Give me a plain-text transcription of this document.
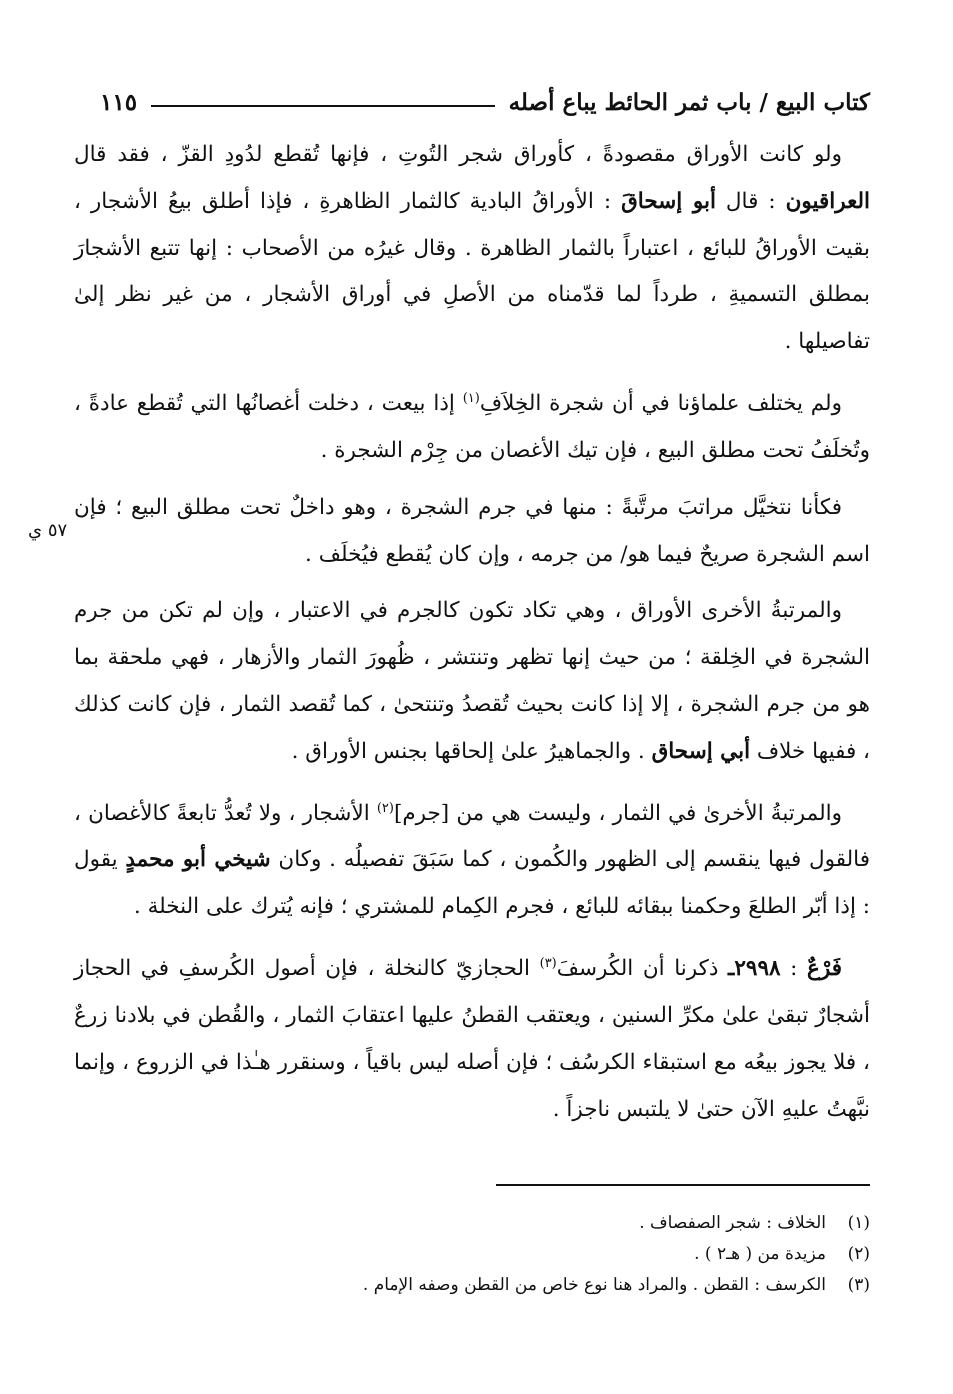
كتاب البيع / باب ثمر الحائط يباع أصله
١١٥

ولو كانت الأوراق مقصودةً ، كأوراق شجر التُوتِ ، فإنها تُقطع لدُودِ القزّ ، فقد قال العراقيون : قال أبو إسحاقَ : الأوراقُ البادية كالثمار الظاهرةِ ، فإذا أطلق بيعُ الأشجار ، بقيت الأوراقُ للبائع ، اعتباراً بالثمار الظاهرة . وقال غيرُه من الأصحاب : إنها تتبع الأشجارَ بمطلق التسميةِ ، طرداً لما قدّمناه من الأصلِ في أوراق الأشجار ، من غير نظر إلىٰ تفاصيلها .

ولم يختلف علماؤنا في أن شجرة الخِلاَفِ$^{(١)}$ إذا بيعت ، دخلت أغصانُها التي تُقطع عادةً ، وتُخلَفُ تحت مطلق البيع ، فإن تيك الأغصان من جِرْم الشجرة .

فكأنا نتخيَّل مراتبَ مرتَّبةً : منها في جرم الشجرة ، وهو داخلٌ تحت مطلق البيع ؛ فإن اسم الشجرة صريحٌ فيما هو/ من جرمه ، وإن كان يُقطع فيُخلَف .

والمرتبةُ الأخرى الأوراق ، وهي تكاد تكون كالجرم في الاعتبار ، وإن لم تكن من جرم الشجرة في الخِلقة ؛ من حيث إنها تظهر وتنتشر ، ظُهورَ الثمار والأزهار ، فهي ملحقة بما هو من جرم الشجرة ، إلا إذا كانت بحيث تُقصدُ وتنتحىٰ ، كما تُقصد الثمار ، فإن كانت كذلك ، ففيها خلاف أبي إسحاق . والجماهيرُ علىٰ إلحاقها بجنس الأوراق .

والمرتبةُ الأخرىٰ في الثمار ، وليست هي من [جرم]$^{(٢)}$ الأشجار ، ولا تُعدُّ تابعةً كالأغصان ، فالقول فيها ينقسم إلى الظهور والكُمون ، كما سَبَقَ تفصيلُه . وكان شيخي أبو محمدٍ يقول : إذا أبّر الطلعَ وحكمنا ببقائه للبائع ، فجرم الكِمام للمشتري ؛ فإنه يُترك على النخلة .

فَرْعٌ : ٢٩٩٨ـ ذكرنا أن الكُرسفَ$^{(٣)}$ الحجازيّ كالنخلة ، فإن أصول الكُرسفِ في الحجاز أشجارٌ تبقىٰ علىٰ مكرِّ السنين ، ويعتقب القطنُ عليها اعتقابَ الثمار ، والقُطن في بلادنا زرعٌ ، فلا يجوز بيعُه مع استبقاء الكرسُف ؛ فإن أصله ليس باقياً ، وسنقرر هـٰذا في الزروع ، وإنما نبَّهتُ عليهِ الآن حتىٰ لا يلتبس ناجزاً .

٥٧ ي
(١)
الخلاف : شجر الصفصاف .
(٢)
مزيدة من ( هـ٢ ) .
(٣)
الكرسف : القطن . والمراد هنا نوع خاص من القطن وصفه الإمام .
